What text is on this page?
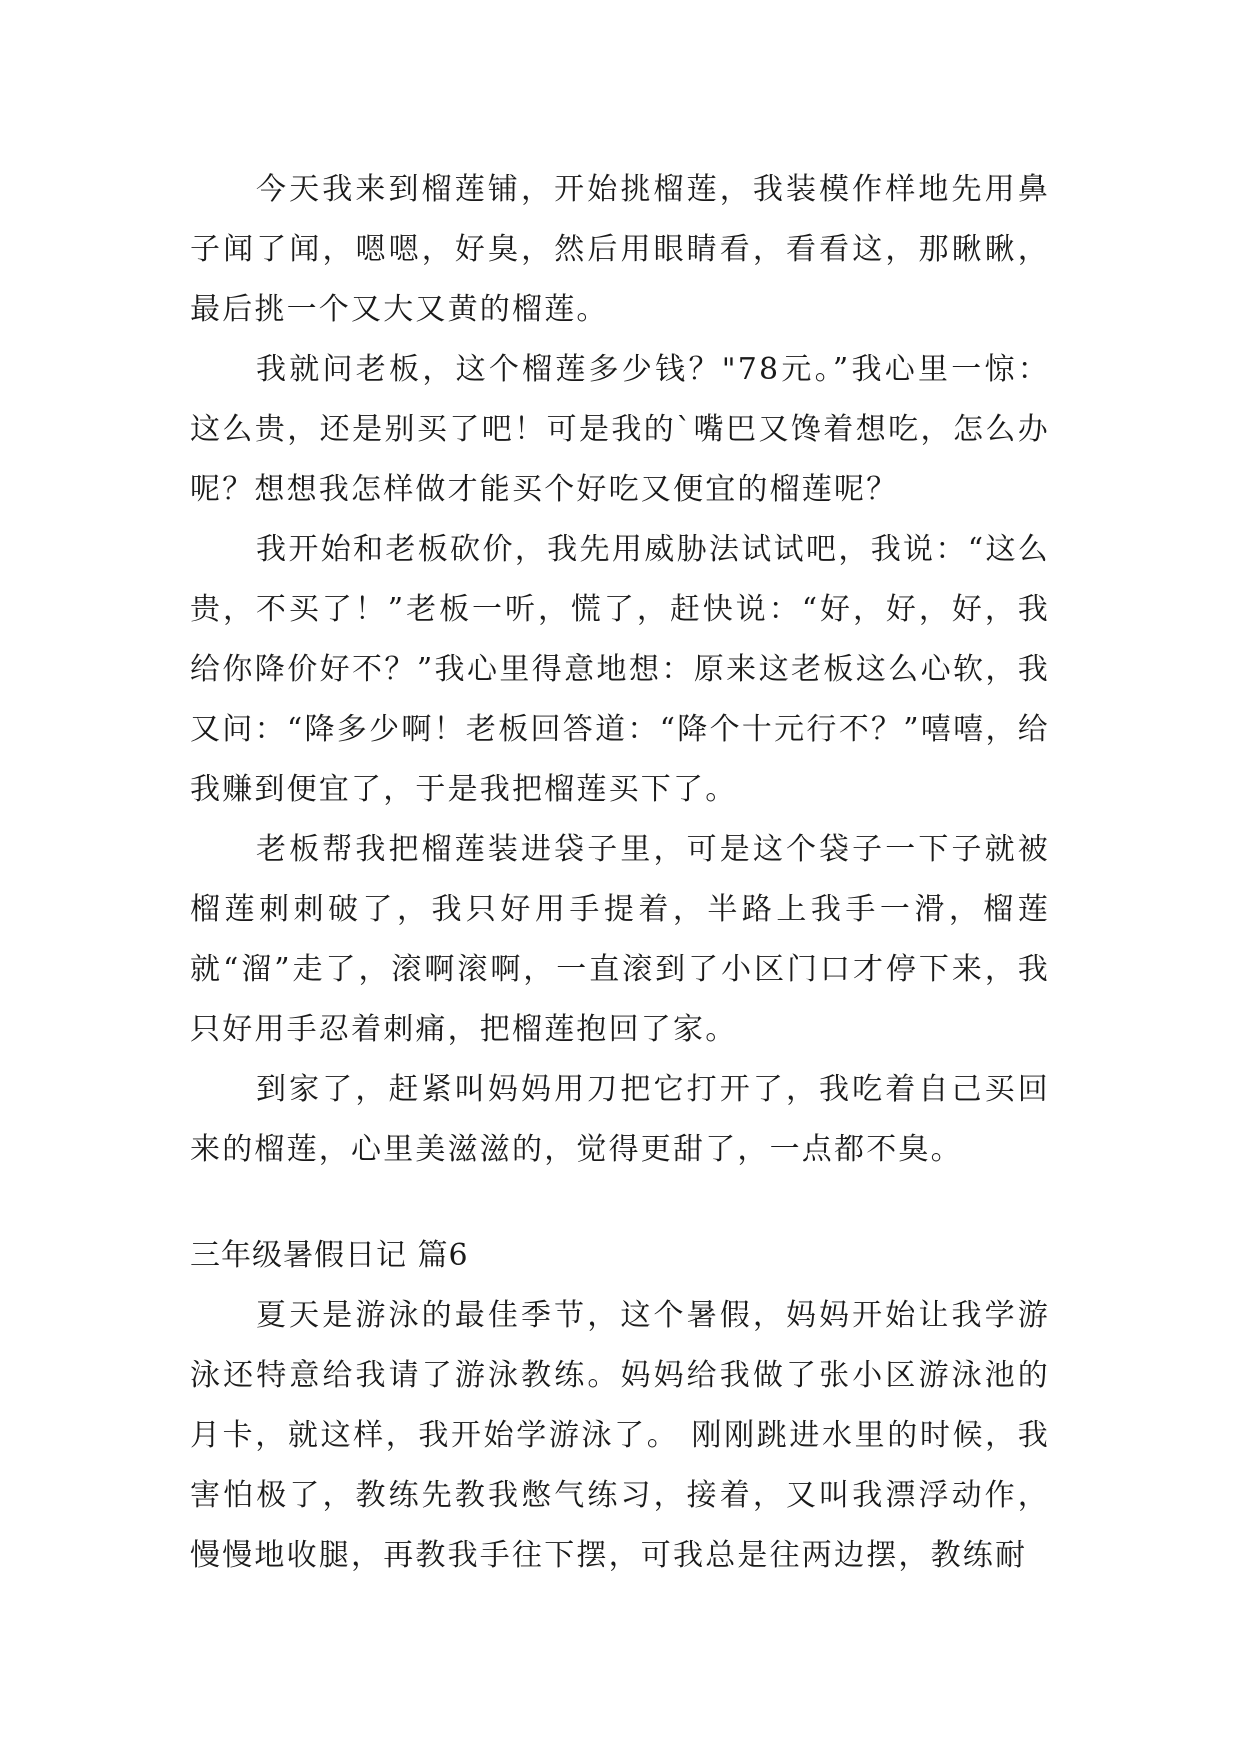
今天我来到榴莲铺，开始挑榴莲，我装模作样地先用鼻子闻了闻，嗯嗯，好臭，然后用眼睛看，看看这，那瞅瞅，最后挑一个又大又黄的榴莲。

我就问老板，这个榴莲多少钱？"78元。”我心里一惊：这么贵，还是别买了吧！可是我的`嘴巴又馋着想吃，怎么办呢？想想我怎样做才能买个好吃又便宜的榴莲呢？

我开始和老板砍价，我先用威胁法试试吧，我说：“这么贵，不买了！”老板一听，慌了，赶快说：“好，好，好，我给你降价好不？”我心里得意地想：原来这老板这么心软，我又问：“降多少啊！老板回答道：“降个十元行不？”嘻嘻，给我赚到便宜了，于是我把榴莲买下了。

老板帮我把榴莲装进袋子里，可是这个袋子一下子就被榴莲刺刺破了，我只好用手提着，半路上我手一滑，榴莲就“溜”走了，滚啊滚啊，一直滚到了小区门口才停下来，我只好用手忍着刺痛，把榴莲抱回了家。

到家了，赶紧叫妈妈用刀把它打开了，我吃着自己买回来的榴莲，心里美滋滋的，觉得更甜了，一点都不臭。

三年级暑假日记 篇6

夏天是游泳的最佳季节，这个暑假，妈妈开始让我学游泳还特意给我请了游泳教练。妈妈给我做了张小区游泳池的月卡，就这样，我开始学游泳了。 刚刚跳进水里的时候，我害怕极了，教练先教我憋气练习，接着，又叫我漂浮动作，慢慢地收腿，再教我手往下摆，可我总是往两边摆，教练耐
